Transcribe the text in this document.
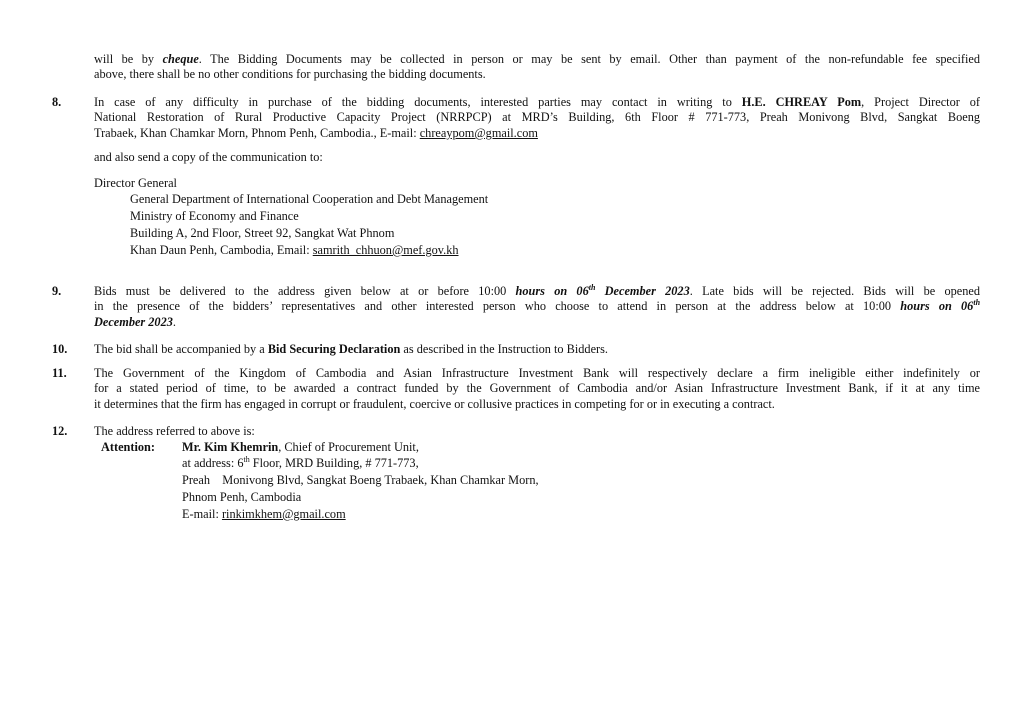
will be by cheque. The Bidding Documents may be collected in person or may be sent by email. Other than payment of the non-refundable fee specified
above, there shall be no other conditions for purchasing the bidding documents.
8.	In case of any difficulty in purchase of the bidding documents, interested parties may contact in writing to H.E. CHREAY Pom, Project Director of
National Restoration of Rural Productive Capacity Project (NRRPCP) at MRD’s Building, 6th Floor # 771-773, Preah Monivong Blvd, Sangkat Boeng
Trabaek, Khan Chamkar Morn, Phnom Penh, Cambodia., E-mail: chreaypom@gmail.com
and also send a copy of the communication to:
Director General
General Department of International Cooperation and Debt Management
Ministry of Economy and Finance
Building A, 2nd Floor, Street 92, Sangkat Wat Phnom
Khan Daun Penh, Cambodia, Email: samrith_chhuon@mef.gov.kh
9.	Bids must be delivered to the address given below at or before 10:00 hours on 06th December 2023. Late bids will be rejected. Bids will be opened
in the presence of the bidders’ representatives and other interested person who choose to attend in person at the address below at 10:00 hours on 06th
December 2023.
10. The bid shall be accompanied by a Bid Securing Declaration as described in the Instruction to Bidders.
11. The Government of the Kingdom of Cambodia and Asian Infrastructure Investment Bank will respectively declare a firm ineligible either indefinitely or
for a stated period of time, to be awarded a contract funded by the Government of Cambodia and/or Asian Infrastructure Investment Bank, if it at any time
it determines that the firm has engaged in corrupt or fraudulent, coercive or collusive practices in competing for or in executing a contract.
12. The address referred to above is:
Attention: Mr. Kim Khemrin, Chief of Procurement Unit,
at address: 6th Floor, MRD Building, # 771-773,
Preah    Monivong Blvd, Sangkat Boeng Trabaek, Khan Chamkar Morn,
Phnom Penh, Cambodia
E-mail: rinkimkhem@gmail.com
